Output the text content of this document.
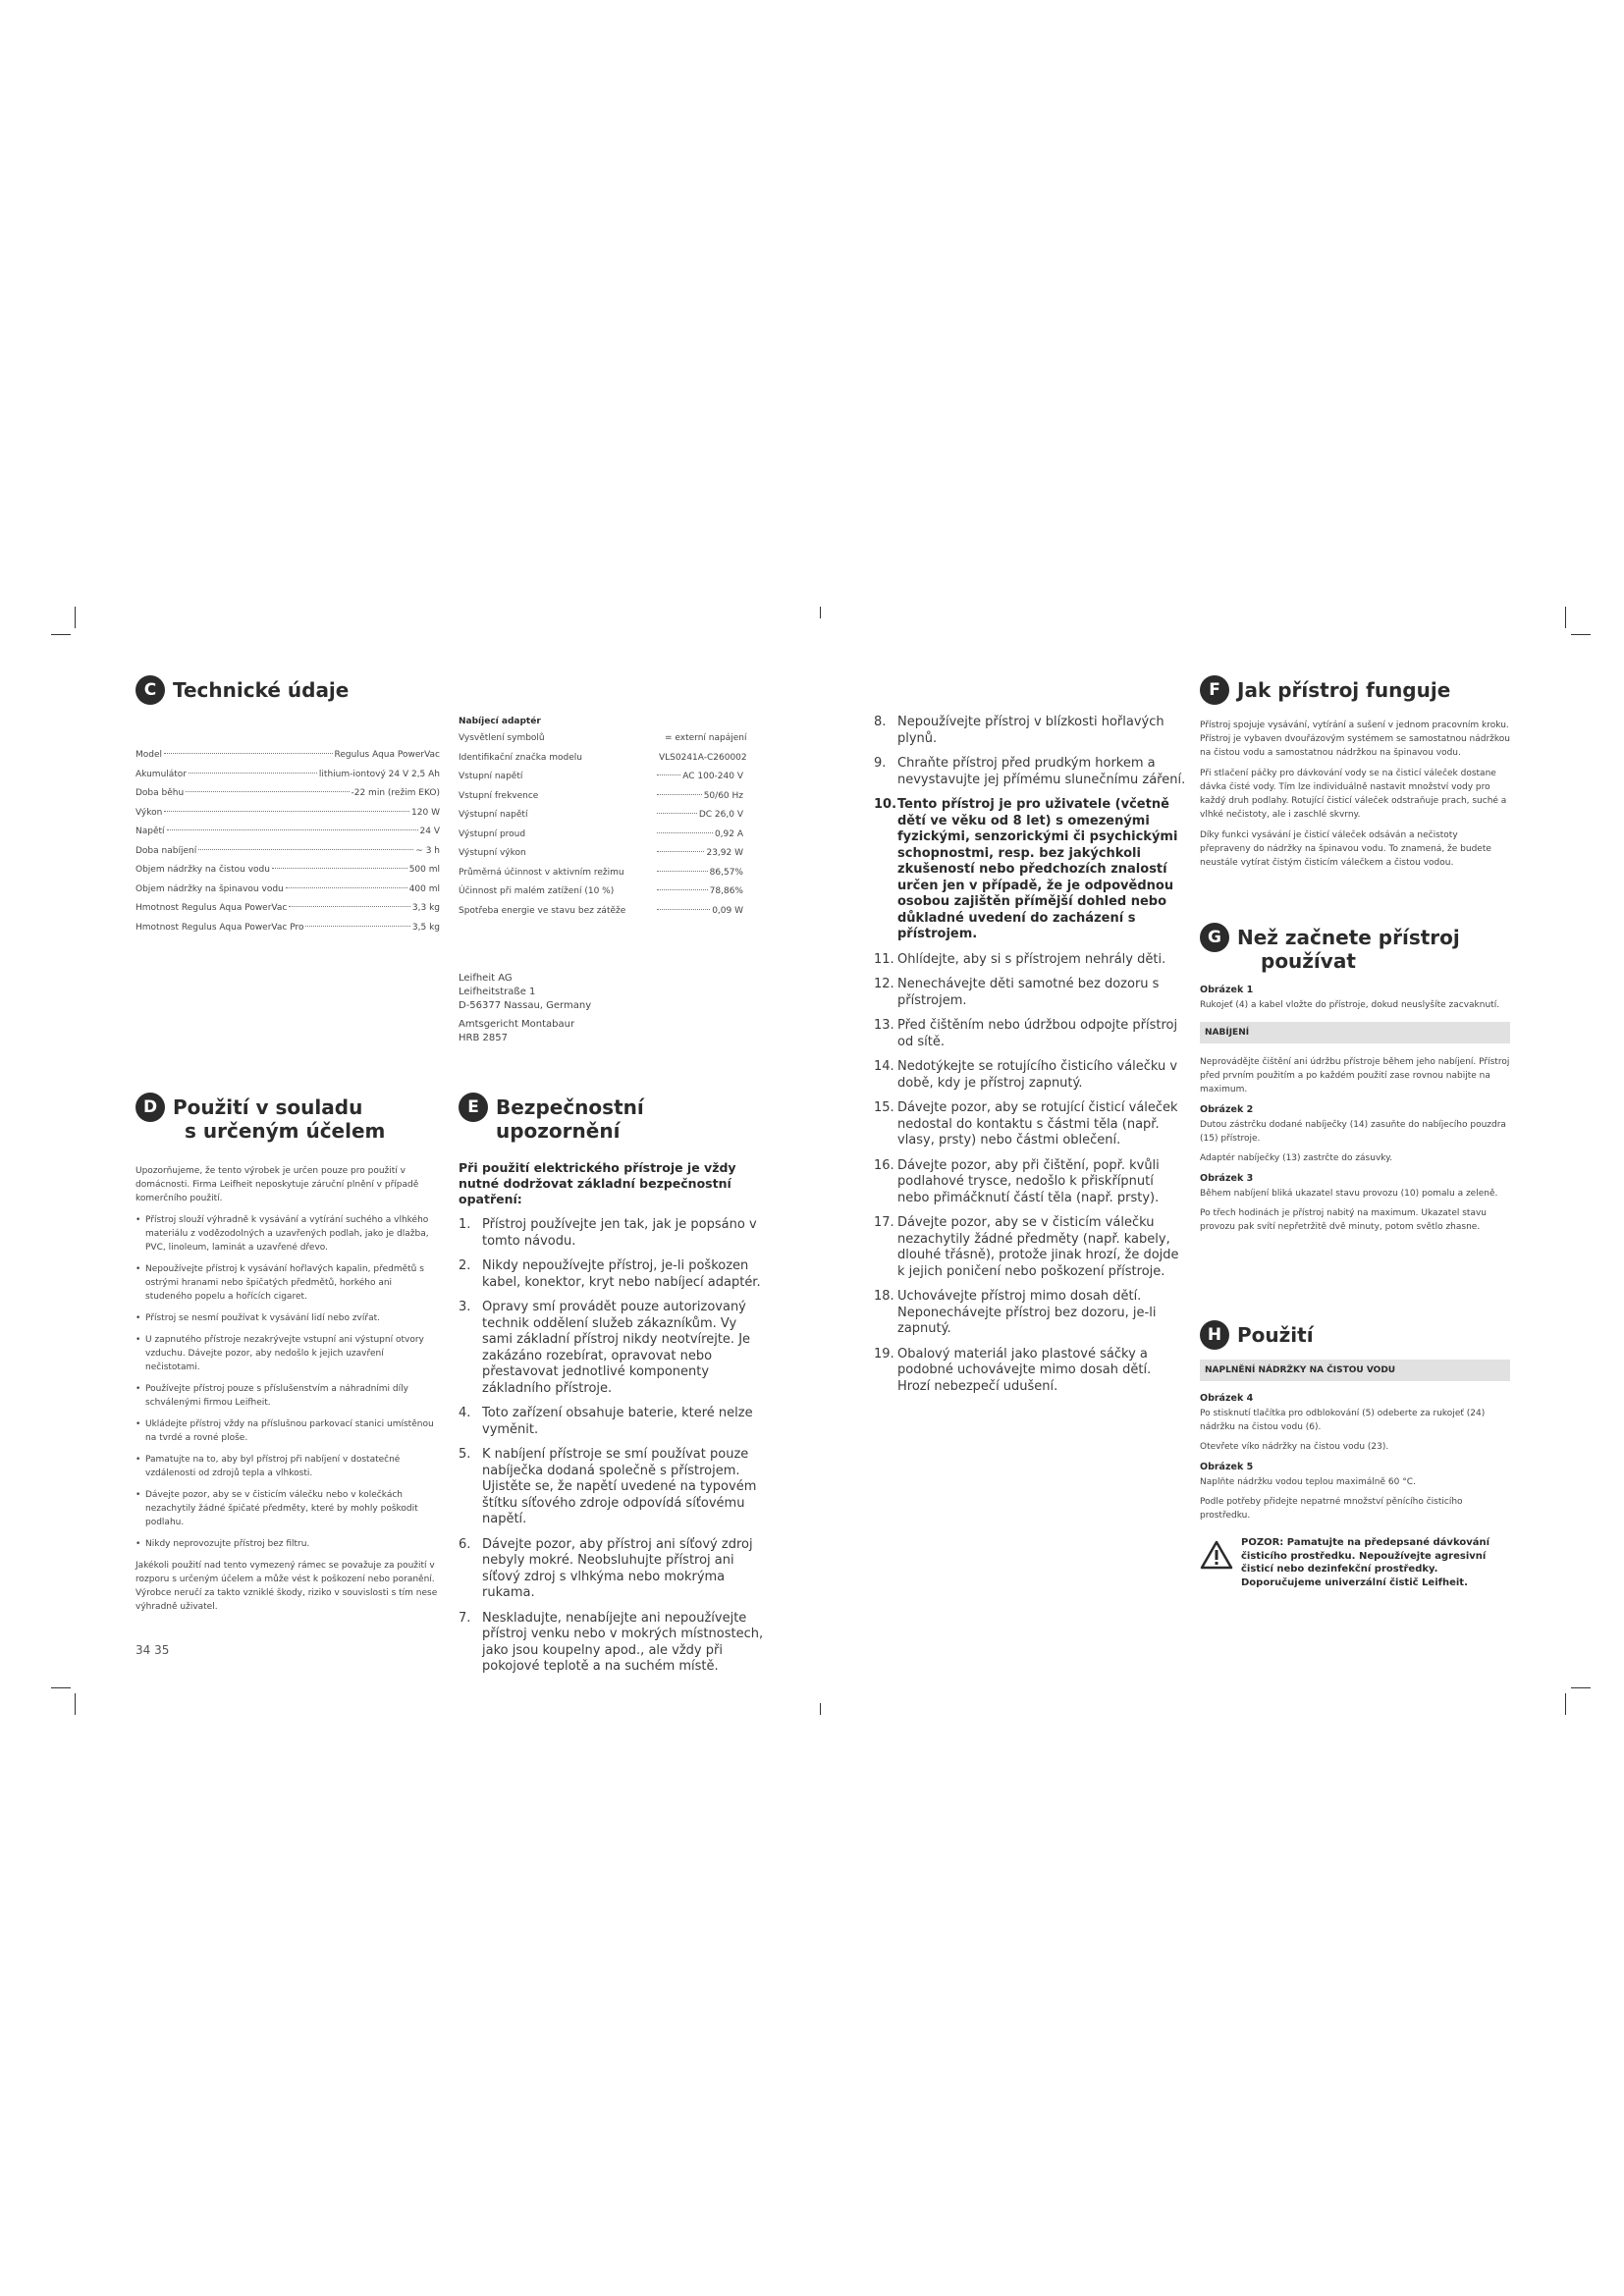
C Technické údaje
Model	Regulus Aqua PowerVac
Akumulátor	lithium-iontový 24 V 2,5 Ah
Doba běhu	-22 min (režim EKO)
Výkon	120 W
Napětí	24 V
Doba nabíjení	~ 3 h
Objem nádržky na čistou vodu	500 ml
Objem nádržky na špinavou vodu	400 ml
Hmotnost Regulus Aqua PowerVac	3,3 kg
Hmotnost Regulus Aqua PowerVac Pro	3,5 kg
Nabíjecí adaptér
Vysvětlení symbolů	= externí napájení
Identifikační značka modelu	VLS0241A-C260002
Vstupní napětí	AC 100-240 V
Vstupní frekvence	50/60 Hz
Výstupní napětí	DC 26,0 V
Výstupní proud	0,92 A
Výstupní výkon	23,92 W
Průměrná účinnost v aktivním režimu	86,57%
Účinnost při malém zatížení (10 %)	78,86%
Spotřeba energie ve stavu bez zátěže	0,09 W
Leifheit AG
Leifheitstraße 1
D-56377 Nassau, Germany
Amtsgericht Montabaur
HRB 2857
D Použití v souladu
s určeným účelem

Upozorňujeme, že tento výrobek je určen pouze pro použití v domácnosti. Firma Leifheit neposkytuje záruční plnění v případě komerčního použití.

• Přístroj slouží výhradně k vysávání a vytírání suchého a vlhkého materiálu z vodězodolných a uzavřených podlah, jako je dlažba, PVC, linoleum, laminát a uzavřené dřevo.
• Nepoužívejte přístroj k vysávání hořlavých kapalin, předmětů s ostrými hranami nebo špičatých předmětů, horkého ani studeného popelu a hořících cigaret.
• Přístroj se nesmí používat k vysávání lidí nebo zvířat.
• U zapnutého přístroje nezakrývejte vstupní ani výstupní otvory vzduchu. Dávejte pozor, aby nedošlo k jejich uzavření nečistotami.
• Používejte přístroj pouze s příslušenstvím a náhradními díly schválenými firmou Leifheit.
• Ukládejte přístroj vždy na příslušnou parkovací stanici umístěnou na tvrdé a rovné ploše.
• Pamatujte na to, aby byl přístroj při nabíjení v dostatečné vzdálenosti od zdrojů tepla a vlhkosti.
• Dávejte pozor, aby se v čisticím válečku nebo v kolečkách nezachytily žádné špičaté předměty, které by mohly poškodit podlahu.
• Nikdy neprovozujte přístroj bez filtru.

Jakékoli použití nad tento vymezený rámec se považuje za použití v rozporu s určeným účelem a může vést k poškození nebo poranění. Výrobce neručí za takto vzniklé škody, riziko v souvislosti s tím nese výhradně uživatel.

E Bezpečnostní upozornění
Při použití elektrického přístroje je vždy nutné dodržovat základní bezpečnostní opatření:
1. Přístroj používejte jen tak, jak je popsáno v tomto návodu.
2. Nikdy nepoužívejte přístroj, je-li poškozen kabel, konektor, kryt nebo nabíjecí adaptér.
3. Opravy smí provádět pouze autorizovaný technik oddělení služeb zákazníkům. Vy sami základní přístroj nikdy neotvírejte. Je zakázáno rozebírat, opravovat nebo přestavovat jednotlivé komponenty základního přístroje.
4. Toto zařízení obsahuje baterie, které nelze vyměnit.
5. K nabíjení přístroje se smí používat pouze nabíječka dodaná společně s přístrojem. Ujistěte se, že napětí uvedené na typovém štítku síťového zdroje odpovídá síťovému napětí.
6. Dávejte pozor, aby přístroj ani síťový zdroj nebyly mokré. Neobsluhujte přístroj ani síťový zdroj s vlhkýma nebo mokrýma rukama.
7. Neskladujte, nenabíjejte ani nepoužívejte přístroj venku nebo v mokrých místnostech, jako jsou koupelny apod., ale vždy při pokojové teplotě a na suchém místě.
8. Nepoužívejte přístroj v blízkosti hořlavých plynů.
9. Chraňte přístroj před prudkým horkem a nevystavujte jej přímému slunečnímu záření.
10. Tento přístroj je pro uživatele (včetně dětí ve věku od 8 let) s omezenými fyzickými, senzorickými či psychickými schopnostmi, resp. bez jakýchkoli zkušeností nebo předchozích znalostí určen jen v případě, že je odpovědnou osobou zajištěn přímější dohled nebo důkladné uvedení do zacházení s přístrojem.
11. Ohlídejte, aby si s přístrojem nehrály děti.
12. Nenechávejte děti samotné bez dozoru s přístrojem.
13. Před čištěním nebo údržbou odpojte přístroj od sítě.
14. Nedotýkejte se rotujícího čisticího válečku v době, kdy je přístroj zapnutý.
15. Dávejte pozor, aby se rotující čisticí váleček nedostal do kontaktu s částmi těla (např. vlasy, prsty) nebo částmi oblečení.
16. Dávejte pozor, aby při čištění, popř. kvůli podlahové trysce, nedošlo k přiskřípnutí nebo přimáčknutí částí těla (např. prsty).
17. Dávejte pozor, aby se v čisticím válečku nezachytily žádné předměty (např. kabely, dlouhé třásně), protože jinak hrozí, že dojde k jejich poničení nebo poškození přístroje.
18. Uchovávejte přístroj mimo dosah dětí. Neponechávejte přístroj bez dozoru, je-li zapnutý.
19. Obalový materiál jako plastové sáčky a podobné uchovávejte mimo dosah dětí. Hrozí nebezpečí udušení.
F Jak přístroj funguje

Přístroj spojuje vysávání, vytírání a sušení v jednom pracovním kroku. Přístroj je vybaven dvouřázovým systémem se samostatnou nádržkou na čistou vodu a samostatnou nádržkou na špinavou vodu.

Při stlačení páčky pro dávkování vody se na čisticí váleček dostane dávka čisté vody. Tím lze individuálně nastavit množství vody pro každý druh podlahy. Rotující čisticí váleček odstraňuje prach, suché a vlhké nečistoty, ale i zaschlé skvrny.

Díky funkci vysávání je čisticí váleček odsáván a nečistoty přepraveny do nádržky na špinavou vodu. To znamená, že budete neustále vytírat čistým čisticím válečkem a čistou vodou.

G Než začnete přístroj
používat
Obrázek 1
Rukojeť (4) a kabel vložte do přístroje, dokud neuslyšíte zacvaknutí.
NABÍJENÍ
Neprovádějte čištění ani údržbu přístroje během jeho nabíjení. Přístroj před prvním použitím a po každém použití zase rovnou nabijte na maximum.
Obrázek 2
Dutou zástrčku dodané nabíječky (14) zasuňte do nabíjecího pouzdra (15) přístroje.
Adaptér nabíječky (13) zastrčte do zásuvky.
Obrázek 3
Během nabíjení bliká ukazatel stavu provozu (10) pomalu a zeleně.
Po třech hodinách je přístroj nabitý na maximum. Ukazatel stavu provozu pak svítí nepřetržitě dvě minuty, potom světlo zhasne.
H Použití
NAPLNĚNÍ NÁDRŽKY NA ČISTOU VODU
Obrázek 4
Po stisknutí tlačítka pro odblokování (5) odeberte za rukojeť (24) nádržku na čistou vodu (6).
Otevřete víko nádržky na čistou vodu (23).
Obrázek 5
Naplňte nádržku vodou teplou maximálně 60 °C.
Podle potřeby přidejte nepatrné množství pěnícího čisticího prostředku.
POZOR: Pamatujte na předepsané dávkování čisticího prostředku. Nepoužívejte agresivní čisticí nebo dezinfekční prostředky. Doporučujeme univerzální čistič Leifheit.
34 35
